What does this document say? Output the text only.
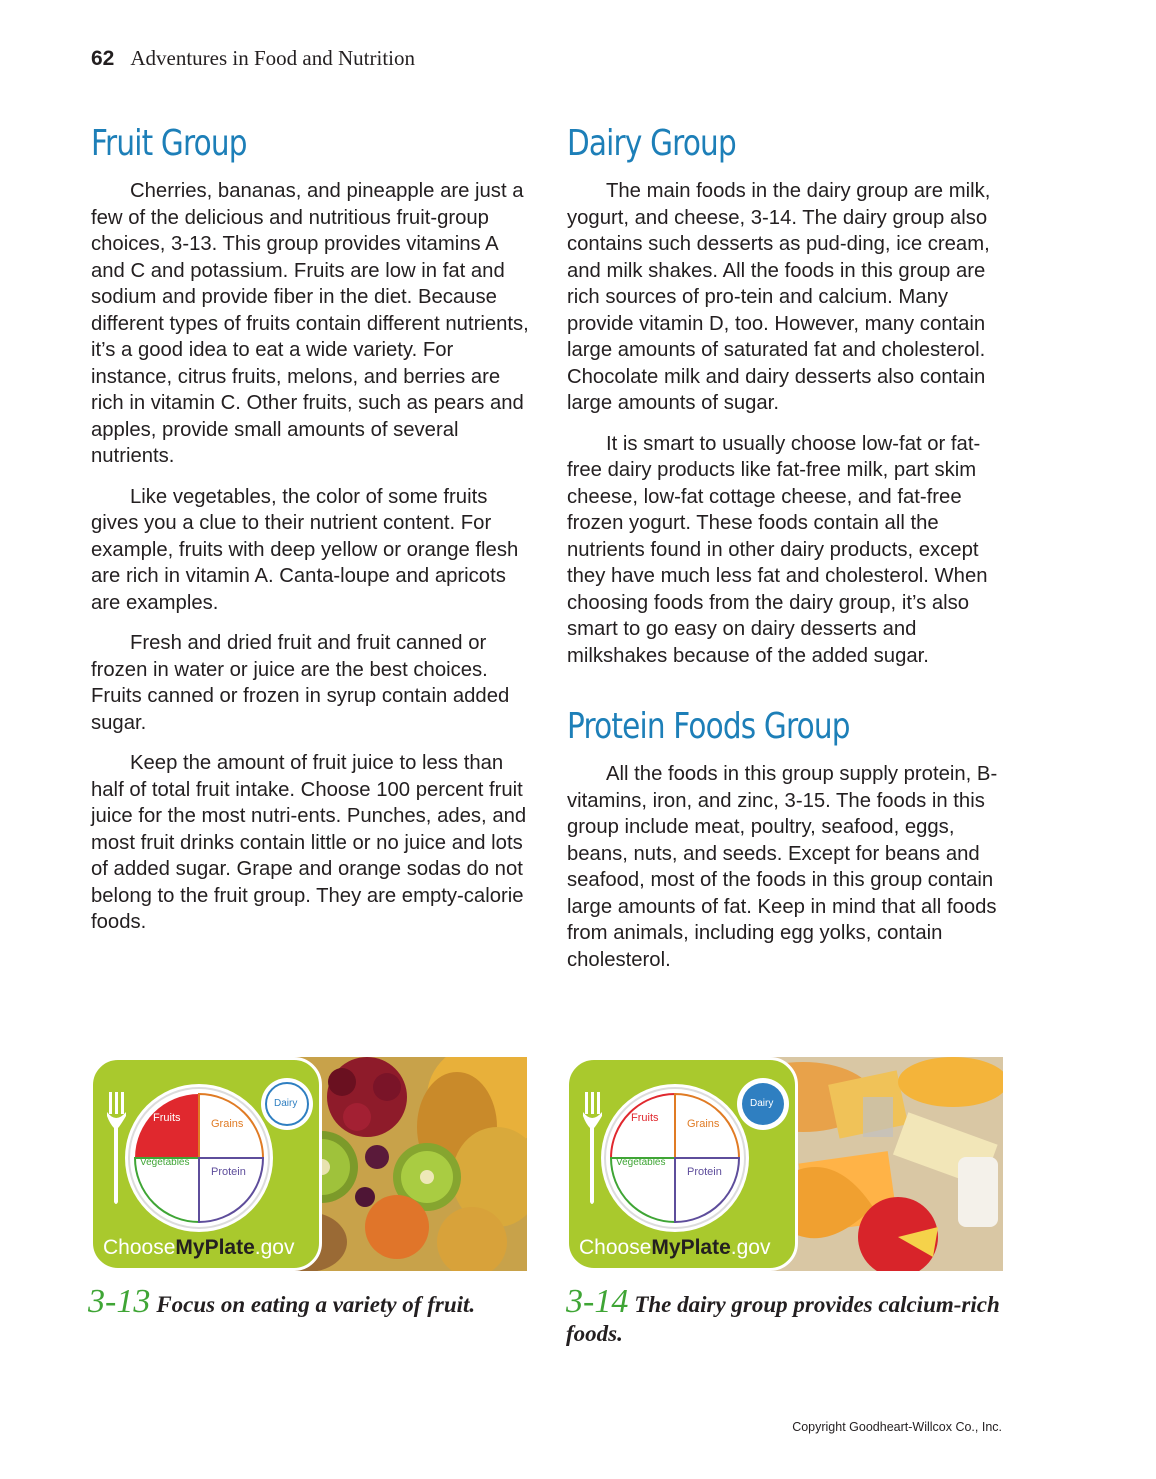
62 Adventures in Food and Nutrition
Fruit Group

Cherries, bananas, and pineapple are just a few of the delicious and nutritious fruit-group choices, 3-13. This group provides vitamins A and C and potassium. Fruits are low in fat and sodium and provide fiber in the diet. Because different types of fruits contain different nutrients, it’s a good idea to eat a wide variety. For instance, citrus fruits, melons, and berries are rich in vitamin C. Other fruits, such as pears and apples, provide small amounts of several nutrients.

Like vegetables, the color of some fruits gives you a clue to their nutrient content. For example, fruits with deep yellow or orange flesh are rich in vitamin A. Canta-loupe and apricots are examples.

Fresh and dried fruit and fruit canned or frozen in water or juice are the best choices. Fruits canned or frozen in syrup contain added sugar.

Keep the amount of fruit juice to less than half of total fruit intake. Choose 100 percent fruit juice for the most nutri-ents. Punches, ades, and most fruit drinks contain little or no juice and lots of added sugar. Grape and orange sodas do not belong to the fruit group. They are empty-calorie foods.

Dairy Group

The main foods in the dairy group are milk, yogurt, and cheese, 3-14. The dairy group also contains such desserts as pud-ding, ice cream, and milk shakes. All the foods in this group are rich sources of pro-tein and calcium. Many provide vitamin D, too. However, many contain large amounts of saturated fat and cholesterol. Chocolate milk and dairy desserts also contain large amounts of sugar.

It is smart to usually choose low-fat or fat-free dairy products like fat-free milk, part skim cheese, low-fat cottage cheese, and fat-free frozen yogurt. These foods contain all the nutrients found in other dairy products, except they have much less fat and cholesterol. When choosing foods from the dairy group, it’s also smart to go easy on dairy desserts and milkshakes because of the added sugar.

Protein Foods Group

All the foods in this group supply protein, B-vitamins, iron, and zinc, 3-15. The foods in this group include meat, poultry, seafood, eggs, beans, nuts, and seeds. Except for beans and seafood, most of the foods in this group contain large amounts of fat. Keep in mind that all foods from animals, including egg yolks, contain cholesterol.

Fruits	Grains
Vegetables
Protein
Dairy
ChooseMyPlate.gov
Fruits	Grains
Vegetables
Protein
Dairy
ChooseMyPlate.gov
3-13 Focus on eating a variety of fruit.	3-14 The dairy group provides calcium-rich foods.
Copyright Goodheart-Willcox Co., Inc.
